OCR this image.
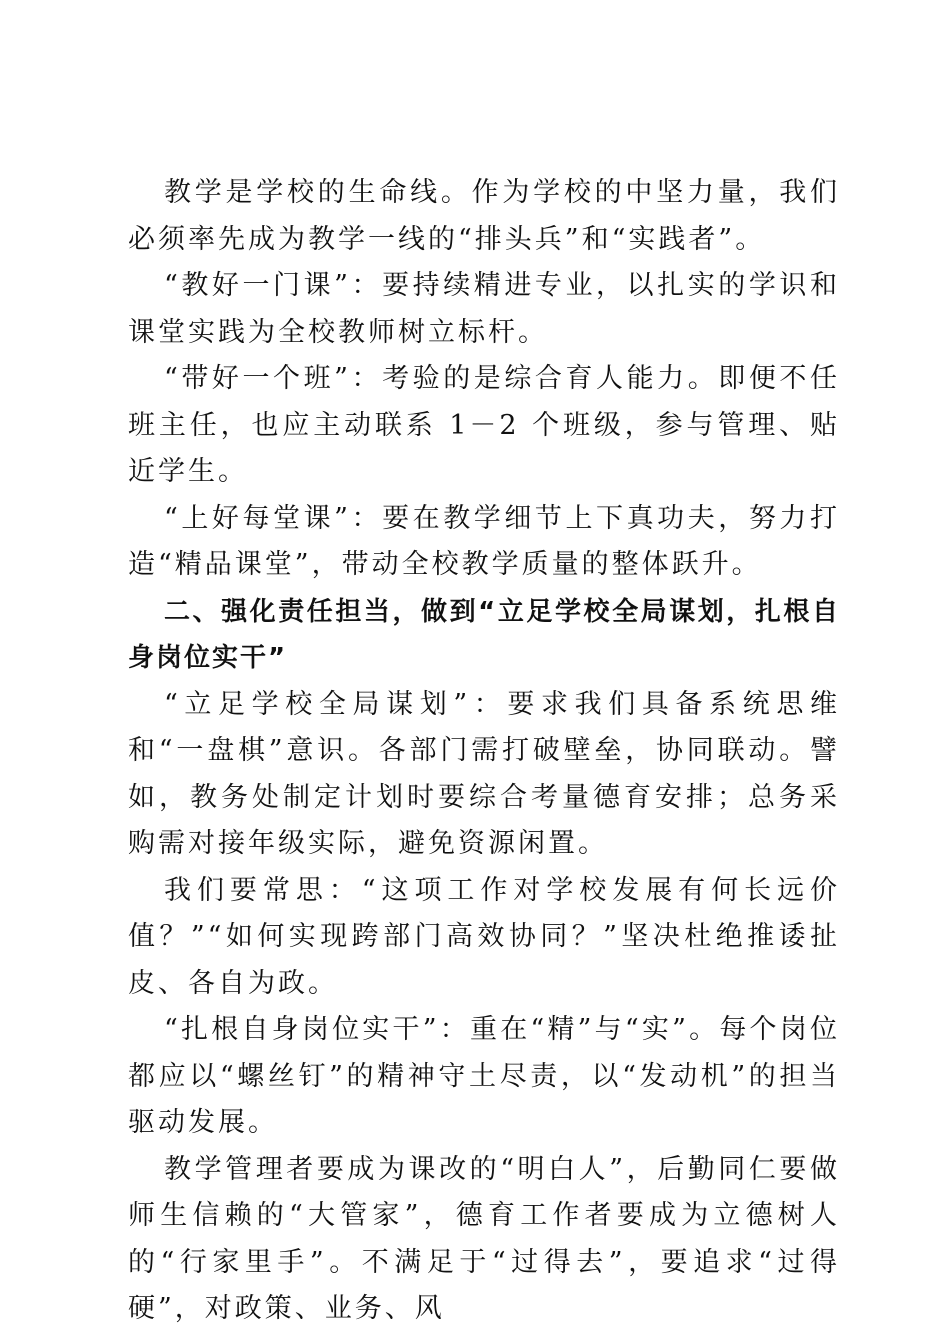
教学是学校的生命线。作为学校的中坚力量，我们必须率先成为教学一线的“排头兵”和“实践者”。

“教好一门课”：要持续精进专业，以扎实的学识和课堂实践为全校教师树立标杆。

“带好一个班”：考验的是综合育人能力。即便不任班主任，也应主动联系 1－2 个班级，参与管理、贴近学生。

“上好每堂课”：要在教学细节上下真功夫，努力打造“精品课堂”，带动全校教学质量的整体跃升。

二、强化责任担当，做到“立足学校全局谋划，扎根自身岗位实干”

“立足学校全局谋划”：要求我们具备系统思维和“一盘棋”意识。各部门需打破壁垒，协同联动。譬如，教务处制定计划时要综合考量德育安排；总务采购需对接年级实际，避免资源闲置。

我们要常思：“这项工作对学校发展有何长远价值？”“如何实现跨部门高效协同？”坚决杜绝推诿扯皮、各自为政。

“扎根自身岗位实干”：重在“精”与“实”。每个岗位都应以“螺丝钉”的精神守土尽责，以“发动机”的担当驱动发展。

教学管理者要成为课改的“明白人”，后勤同仁要做师生信赖的“大管家”，德育工作者要成为立德树人的“行家里手”。不满足于“过得去”，要追求“过得硬”，对政策、业务、风
